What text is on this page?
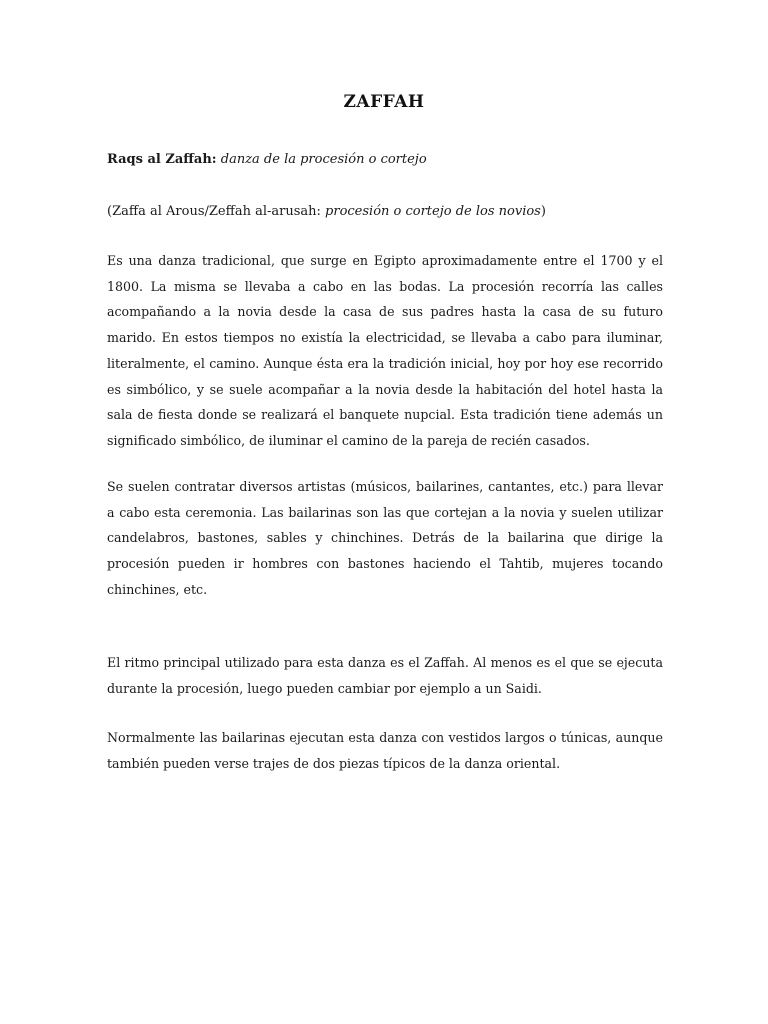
ZAFFAH

Raqs al Zaffah: danza de la procesión o cortejo

(Zaffa al Arous/Zeffah al-arusah: procesión o cortejo de los novios)

Es una danza tradicional, que surge en Egipto aproximadamente entre el 1700 y el 1800. La misma se llevaba a cabo en las bodas. La procesión recorría las calles acompañando a la novia desde la casa de sus padres hasta la casa de su futuro marido. En estos tiempos no existía la electricidad, se llevaba a cabo para iluminar, literalmente, el camino. Aunque ésta era la tradición inicial, hoy por hoy ese recorrido es simbólico, y se suele acompañar a la novia desde la habitación del hotel hasta la sala de fiesta donde se realizará el banquete nupcial. Esta tradición tiene además un significado simbólico, de iluminar el camino de la pareja de recién casados.

Se suelen contratar diversos artistas (músicos, bailarines, cantantes, etc.) para llevar a cabo esta ceremonia. Las bailarinas son las que cortejan a la novia y suelen utilizar candelabros, bastones, sables y chinchines. Detrás de la bailarina que dirige la procesión pueden ir hombres con bastones haciendo el Tahtib, mujeres tocando chinchines, etc.

El ritmo principal utilizado para esta danza es el Zaffah. Al menos es el que se ejecuta durante la procesión, luego pueden cambiar por ejemplo a un Saidi.

Normalmente las bailarinas ejecutan esta danza con vestidos largos o túnicas, aunque también pueden verse trajes de dos piezas típicos de la danza oriental.
